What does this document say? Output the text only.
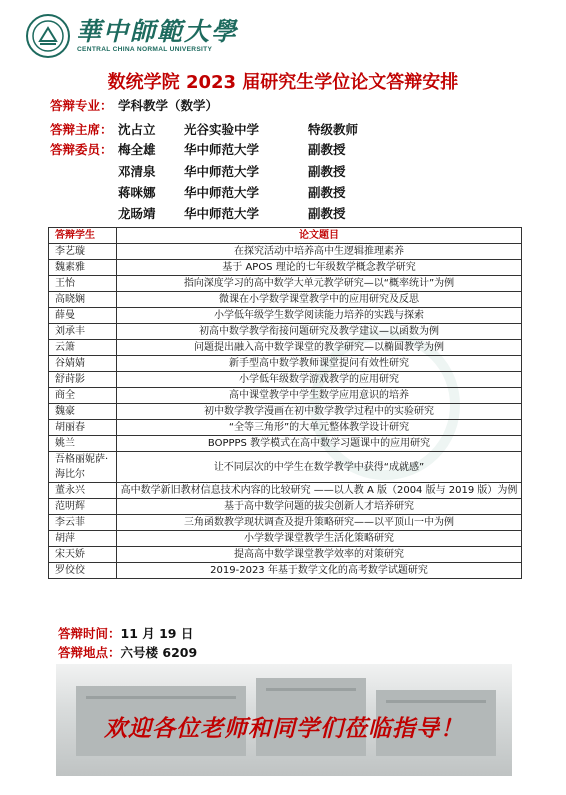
華中師範大學
CENTRAL CHINA NORMAL UNIVERSITY
数统学院 2023 届研究生学位论文答辩安排
答辩专业： 学科教学（数学）
答辩主席： 沈占立 光谷实验中学	特级教师
答辩委员： 梅全雄 华中师范大学	副教授
邓清泉 华中师范大学	副教授
蒋咪娜 华中师范大学	副教授
龙旸靖 华中师范大学	副教授
答辩学生	论文题目
李艺璇	在探究活动中培养高中生逻辑推理素养
魏素雅	基于 APOS 理论的七年级数学概念教学研究
王怡	指向深度学习的高中数学大单元教学研究—以“概率统计”为例
高晓娴	微课在小学数学课堂教学中的应用研究及反思
薛曼	小学低年级学生数学阅读能力培养的实践与探索
刘承丰	初高中数学教学衔接问题研究及教学建议—以函数为例
云箫	问题提出融入高中数学课堂的教学研究—以椭圆教学为例
谷婧婧	新手型高中数学教师课堂提问有效性研究
舒莳影	小学低年级数学游戏教学的应用研究
商全	高中课堂教学中学生数学应用意识的培养
魏豪	初中数学教学漫画在初中数学教学过程中的实验研究
胡丽春	“全等三角形”的大单元整体教学设计研究
姚兰	BOPPPS 教学模式在高中数学习题课中的应用研究
吾格丽妮萨·海比尔	让不同层次的中学生在数学教学中获得“成就感”
董永兴	高中数学新旧教材信息技术内容的比较研究 ——以人教 A 版（2004 版与 2019 版）为例
范明辉	基于高中数学问题的拔尖创新人才培养研究
李云菲	三角函数教学现状调查及提升策略研究——以平顶山一中为例
胡萍	小学数学课堂教学生活化策略研究
宋天娇	提高高中数学课堂教学效率的对策研究
罗佼佼	2019-2023 年基于数学文化的高考数学试题研究
答辩时间：11 月 19 日
答辩地点：六号楼 6209
欢迎各位老师和同学们莅临指导！
